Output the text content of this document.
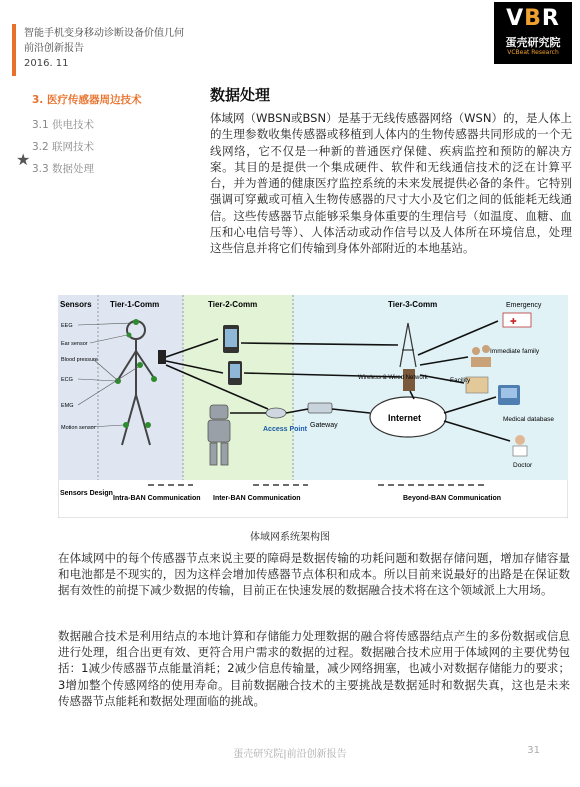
智能手机变身移动诊断设备价值几何
前沿创新报告
2016. 11
VBR
蛋壳研究院
VCBeat Research
3. 医疗传感器周边技术
3.1 供电技术
3.2 联网技术
3.3 数据处理
★
数据处理
体域网（WBSN或BSN）是基于无线传感器网络（WSN）的，是人体上的生理参数收集传感器或移植到人体内的生物传感器共同形成的一个无线网络，它不仅是一种新的普通医疗保健、疾病监控和预防的解决方案。其目的是提供一个集成硬件、软件和无线通信技术的泛在计算平台，并为普通的健康医疗监控系统的未来发展提供必备的条件。它特别强调可穿戴或可植入生物传感器的尺寸大小及它们之间的低能耗无线通信。这些传感器节点能够采集身体重要的生理信号（如温度、血糖、血压和心电信号等）、人体活动或动作信号以及人体所在环境信息，处理这些信息并将它们传输到身体外部附近的本地基站。
Sensors Tier-1-Comm	Tier-2-Comm	Tier-3-Comm
EEG
Ear sensor
Blood pressure
ECG
EMG
Motion sensor	Access Point
Gateway
Internet
Wireless & Wired Network
✚
Emergency
Immediate family
Facility
Medical database
Doctor
Sensors Design
Intra-BAN Communication Inter-BAN Communication	Beyond-BAN Communication
体域网系统架构图
在体域网中的每个传感器节点来说主要的障碍是数据传输的功耗问题和数据存储问题，增加存储容量和电池都是不现实的，因为这样会增加传感器节点体积和成本。所以目前来说最好的出路是在保证数据有效性的前提下减少数据的传输，目前正在快速发展的数据融合技术将在这个领域派上大用场。
数据融合技术是利用结点的本地计算和存储能力处理数据的融合将传感器结点产生的多份数据或信息进行处理，组合出更有效、更符合用户需求的数据的过程。数据融合技术应用于体域网的主要优势包括：1减少传感器节点能量消耗；2减少信息传输量，减少网络拥塞，也减小对数据存储能力的要求；3增加整个传感网络的使用寿命。目前数据融合技术的主要挑战是数据延时和数据失真，这也是未来传感器节点能耗和数据处理面临的挑战。
蛋壳研究院|前沿创新报告	31
